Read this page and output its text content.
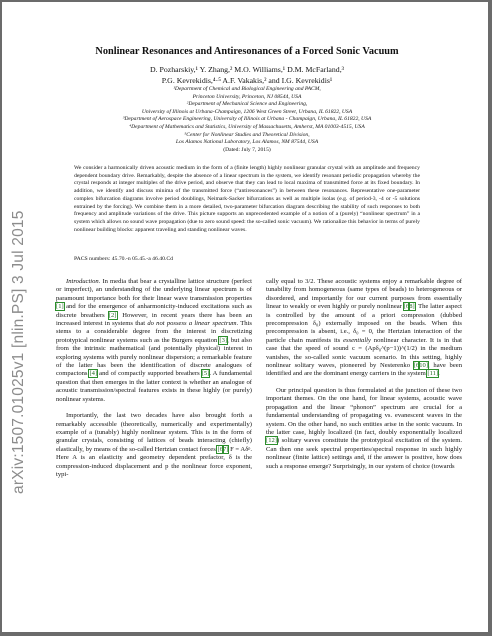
arXiv:1507.01025v1 [nlin.PS] 3 Jul 2015
Nonlinear Resonances and Antiresonances of a Forced Sonic Vacuum
D. Pozharskiy,¹ Y. Zhang,² M.O. Williams,¹ D.M. McFarland,³
P.G. Kevrekidis,⁴·⁵ A.F. Vakakis,² and I.G. Kevrekidis¹
¹Department of Chemical and Biological Engineering and PACM,
Princeton University, Princeton, NJ 08544, USA
²Department of Mechanical Science and Engineering,
University of Illinois at Urbana-Champaign, 1206 West Green Street, Urbana, IL 61822, USA
³Department of Aerospace Engineering, University of Illinois at Urbana - Champaign, Urbana, IL 61822, USA
⁴Department of Mathematics and Statistics, University of Massachusetts, Amherst, MA 01003-4515, USA
⁵Center for Nonlinear Studies and Theoretical Division,
Los Alamos National Laboratory, Los Alamos, NM 87544, USA
(Dated: July 7, 2015)
We consider a harmonically driven acoustic medium in the form of a (finite length) highly nonlinear granular crystal with an amplitude and frequency dependent boundary drive. Remarkably, despite the absence of a linear spectrum in the system, we identify resonant periodic propagation whereby the crystal responds at integer multiples of the drive period, and observe that they can lead to local maxima of transmitted force at its fixed boundary. In addition, we identify and discuss minima of the transmitted force (“antiresonances”) in between these resonances. Representative one-parameter complex bifurcation diagrams involve period doublings, Neimark-Sacker bifurcations as well as multiple isolas (e.g. of period-3, -4 or -5 solutions entrained by the forcing). We combine them in a more detailed, two-parameter bifurcation diagram describing the stability of such responses to both frequency and amplitude variations of the drive. This picture supports an unprecedented example of a notion of a (purely) “nonlinear spectrum” in a system which allows no sound wave propagation (due to zero sound speed: the so-called sonic vacuum). We rationalize this behavior in terms of purely nonlinear building blocks: apparent traveling and standing nonlinear waves.
PACS numbers: 45.70.-n 05.45.-a 46.40.Cd

Introduction. In media that bear a crystalline lattice structure (perfect or imperfect), an understanding of the underlying linear spectrum is of paramount importance both for their linear wave transmission properties [1] and for the emergence of anharmonicity-induced excitations such as discrete breathers [2]. However, in recent years there has been an increased interest in systems that do not possess a linear spectrum. This stems to a considerable degree from the interest in discretizing prototypical nonlinear systems such as the Burgers equation [3], but also from the intrinsic mathematical (and potentially physical) interest in exploring systems with purely nonlinear dispersion; a remarkable feature of the latter has been the identification of discrete analogues of compactons [4] and of compactly supported breathers [5]. A fundamental question that then emerges in the latter context is whether an analogue of acoustic transmission/spectral features exists in these highly (or purely) nonlinear systems.

Importantly, the last two decades have also brought forth a remarkably accessible (theoretically, numerically and experimentally) example of a (tunably) highly nonlinear system. This is in the form of granular crystals, consisting of lattices of beads interacting (chiefly) elastically, by means of the so-called Hertzian contact forces [67] F = Aδᵖ. Here A is an elasticity and geometry dependent prefactor, δ is the compression-induced displacement and p the nonlinear force exponent, typi-

cally equal to 3/2. These acoustic systems enjoy a remarkable degree of tunability from homogeneous (same types of beads) to heterogeneous or disordered, and importantly for our current purposes from essentially linear to weakly or even highly or purely nonlinear [68]. The latter aspect is controlled by the amount of a priori compression (dubbed precompression δ₀) externally imposed on the beads. When this precompression is absent, i.e., δ₀ = 0, the Hertzian interaction of the particle chain manifests its essentially nonlinear character. It is in that case that the speed of sound c = (Apδ₀^(p−1))^(1/2) in the medium vanishes, the so-called sonic vacuum scenario. In this setting, highly nonlinear solitary waves, pioneered by Nesterenko [610], have been identified and are the dominant energy carriers in the system [11].

Our principal question is thus formulated at the junction of these two important themes. On the one hand, for linear systems, acoustic wave propagation and the linear “phonon” spectrum are crucial for a fundamental understanding of propagating vs. evanescent waves in the system. On the other hand, no such entities arise in the sonic vacuum. In the latter case, highly localized (in fact, doubly exponentially localized [12]) solitary waves constitute the prototypical excitation of the system. Can then one seek spectral properties/spectral response in such highly nonlinear (finite lattice) settings and, if the answer is positive, how does such a response emerge? Surprisingly, in our system of choice (towards
